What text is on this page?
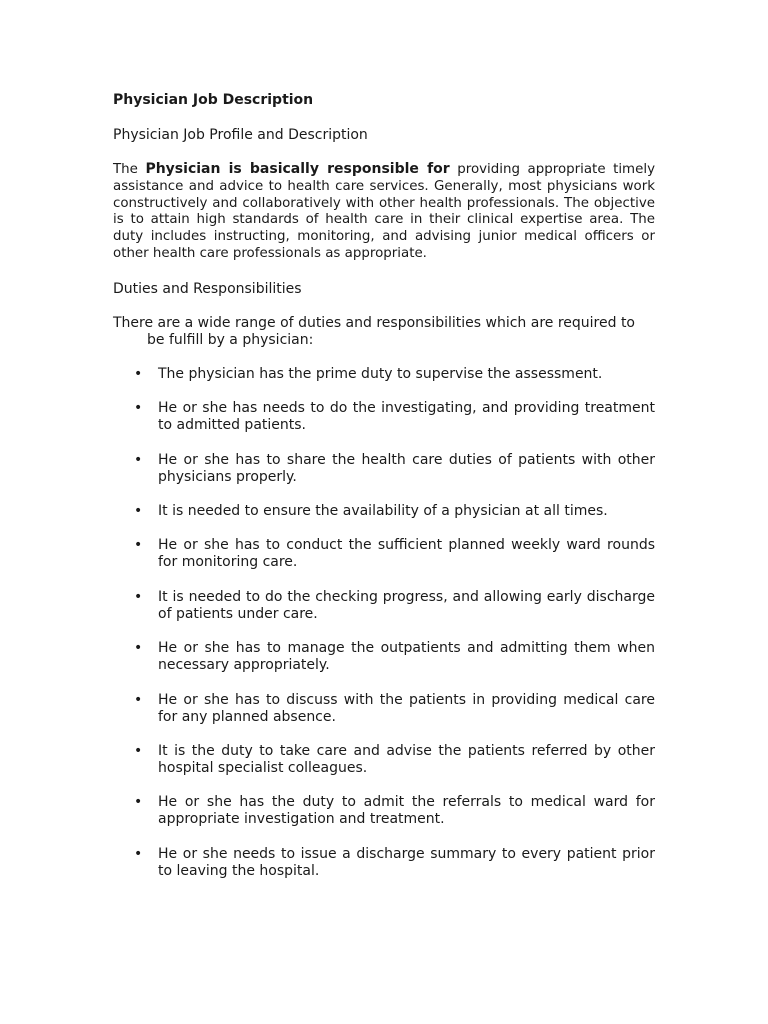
Physician Job Description
Physician Job Profile and Description
The Physician is basically responsible for providing appropriate timely assistance and advice to health care services. Generally, most physicians work constructively and collaboratively with other health professionals. The objective is to attain high standards of health care in their clinical expertise area. The duty includes instructing, monitoring, and advising junior medical officers or other health care professionals as appropriate.
Duties and Responsibilities
There are a wide range of duties and responsibilities which are required to be fulfill by a physician:
• The physician has the prime duty to supervise the assessment.
• He or she has needs to do the investigating, and providing treatment to admitted patients.
• He or she has to share the health care duties of patients with other physicians properly.
• It is needed to ensure the availability of a physician at all times.
• He or she has to conduct the sufficient planned weekly ward rounds for monitoring care.
• It is needed to do the checking progress, and allowing early discharge of patients under care.
• He or she has to manage the outpatients and admitting them when necessary appropriately.
• He or she has to discuss with the patients in providing medical care for any planned absence.
• It is the duty to take care and advise the patients referred by other hospital specialist colleagues.
• He or she has the duty to admit the referrals to medical ward for appropriate investigation and treatment.
• He or she needs to issue a discharge summary to every patient prior to leaving the hospital.
